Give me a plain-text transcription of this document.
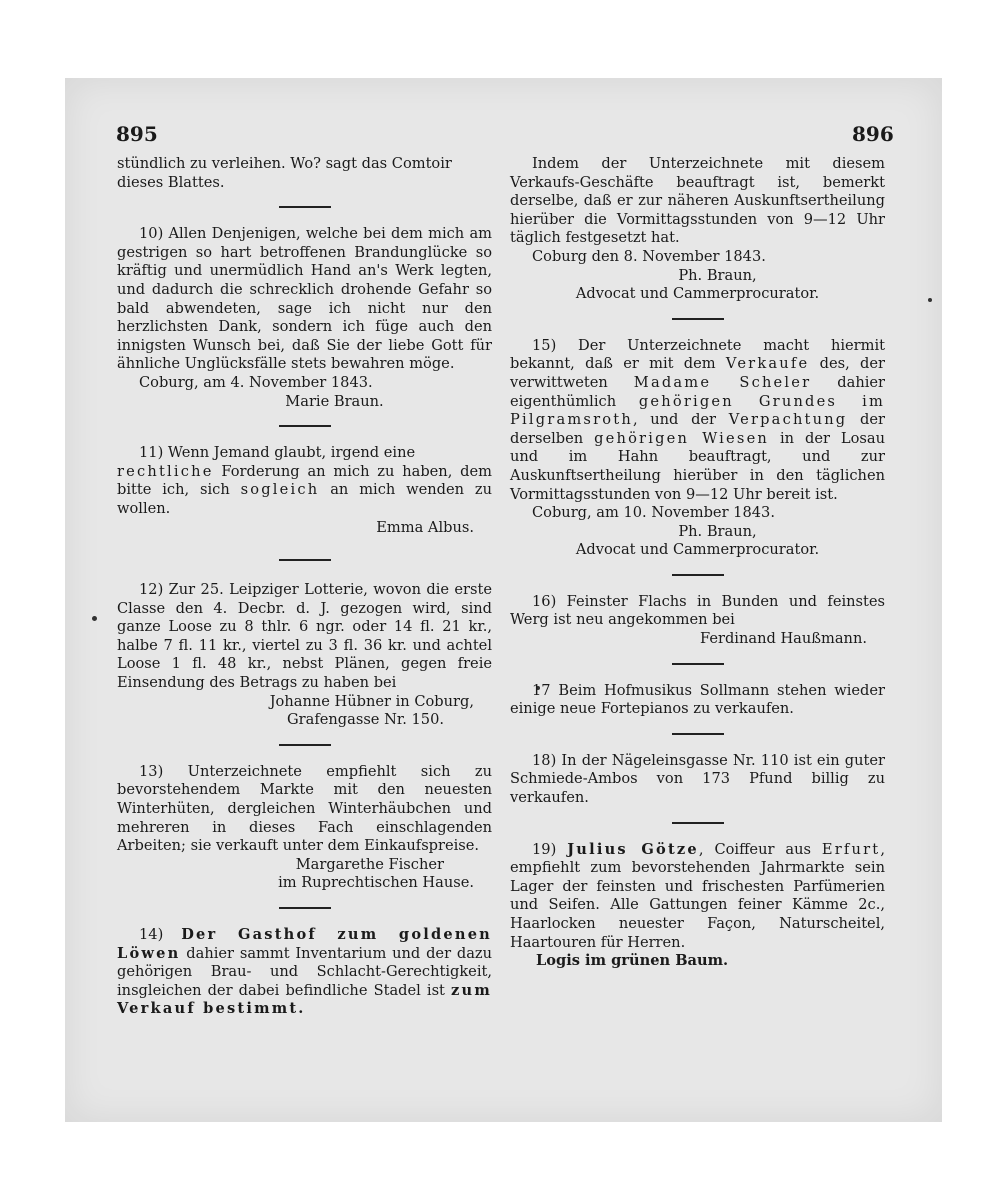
895	896

stündlich zu verleihen. Wo? sagt das Comtoir

dieses Blattes.

10) Allen Denjenigen, welche bei dem mich am gestrigen so hart betroffenen Brandunglücke so kräftig und unermüdlich Hand an's Werk legten, und dadurch die schrecklich drohende Gefahr so bald abwendeten, sage ich nicht nur den herzlichsten Dank, sondern ich füge auch den innigsten Wunsch bei, daß Sie der liebe Gott für ähnliche Unglücksfälle stets bewahren möge.

Coburg, am 4. November 1843.

Marie Braun.

11) Wenn Jemand glaubt, irgend eine
rechtliche Forderung an mich zu haben, dem bitte ich, sich sogleich an mich wenden zu wollen.

Emma Albus.

12) Zur 25. Leipziger Lotterie, wovon die erste Classe den 4. Decbr. d. J. gezogen wird, sind ganze Loose zu 8 thlr. 6 ngr. oder 14 fl. 21 kr., halbe 7 fl. 11 kr., viertel zu 3 fl. 36 kr. und achtel Loose 1 fl. 48 kr., nebst Plänen, gegen freie Einsendung des Betrags zu haben bei

Johanne Hübner in Coburg,

Grafengasse Nr. 150.

13) Unterzeichnete empfiehlt sich zu bevorstehendem Markte mit den neuesten Winterhüten, dergleichen Winterhäubchen und mehreren in dieses Fach einschlagenden Arbeiten; sie verkauft unter dem Einkaufspreise.

Margarethe Fischer

im Ruprechtischen Hause.

14) Der Gasthof zum goldenen Löwen dahier sammt Inventarium und der dazu gehörigen Brau- und Schlacht-Gerechtigkeit, insgleichen der dabei befindliche Stadel ist zum Verkauf bestimmt.

Indem der Unterzeichnete mit diesem Verkaufs-Geschäfte beauftragt ist, bemerkt derselbe, daß er zur näheren Auskunftsertheilung hierüber die Vormittagsstunden von 9—12 Uhr täglich festgesetzt hat.

Coburg den 8. November 1843.

Ph. Braun,

Advocat und Cammerprocurator.

15) Der Unterzeichnete macht hiermit bekannt, daß er mit dem Verkaufe des, der verwittweten Madame Scheler dahier eigenthümlich gehörigen Grundes im Pilgramsroth, und der Verpachtung der derselben gehörigen Wiesen in der Losau und im Hahn beauftragt, und zur Auskunftsertheilung hierüber in den täglichen Vormittagsstunden von 9—12 Uhr bereit ist.

Coburg, am 10. November 1843.

Ph. Braun,

Advocat und Cammerprocurator.

16) Feinster Flachs in Bunden und feinstes Werg ist neu angekommen bei

Ferdinand Haußmann.

17 Beim Hofmusikus Sollmann stehen wieder einige neue Fortepianos zu verkaufen.

18) In der Nägeleinsgasse Nr. 110 ist ein guter Schmiede-Ambos von 173 Pfund billig zu verkaufen.

19) Julius Götze, Coiffeur aus Erfurt, empfiehlt zum bevorstehenden Jahrmarkte sein Lager der feinsten und frischesten Parfümerien und Seifen. Alle Gattungen feiner Kämme 2c., Haarlocken neuester Façon, Naturscheitel, Haartouren für Herren.

Logis im grünen Baum.
